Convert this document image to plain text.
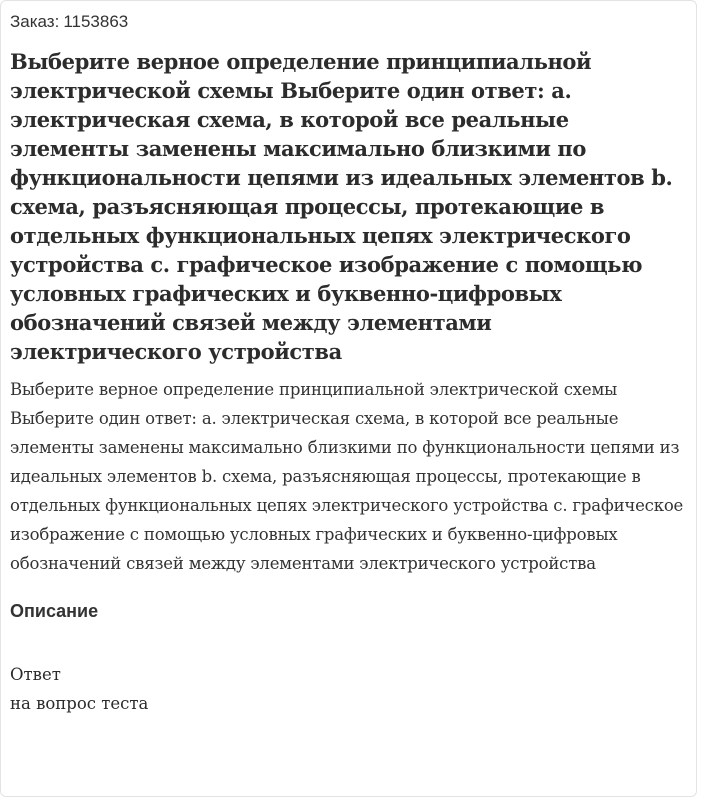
Заказ: 1153863
Выберите верное определение принципиальной электрической схемы Выберите один ответ: a. электрическая схема, в которой все реальные элементы заменены максимально близкими по функциональности цепями из идеальных элементов b. схема, разъясняющая процессы, протекающие в отдельных функциональных цепях электрического устройства c. графическое изображение с помощью условных графических и буквенно-цифровых обозначений связей между элементами электрического устройства

Выберите верное определение принципиальной электрической схемы Выберите один ответ: a. электрическая схема, в которой все реальные элементы заменены максимально близкими по функциональности цепями из идеальных элементов b. схема, разъясняющая процессы, протекающие в отдельных функциональных цепях электрического устройства c. графическое изображение с помощью условных графических и буквенно-цифровых обозначений связей между элементами электрического устройства

Описание
Ответ
на вопрос теста
